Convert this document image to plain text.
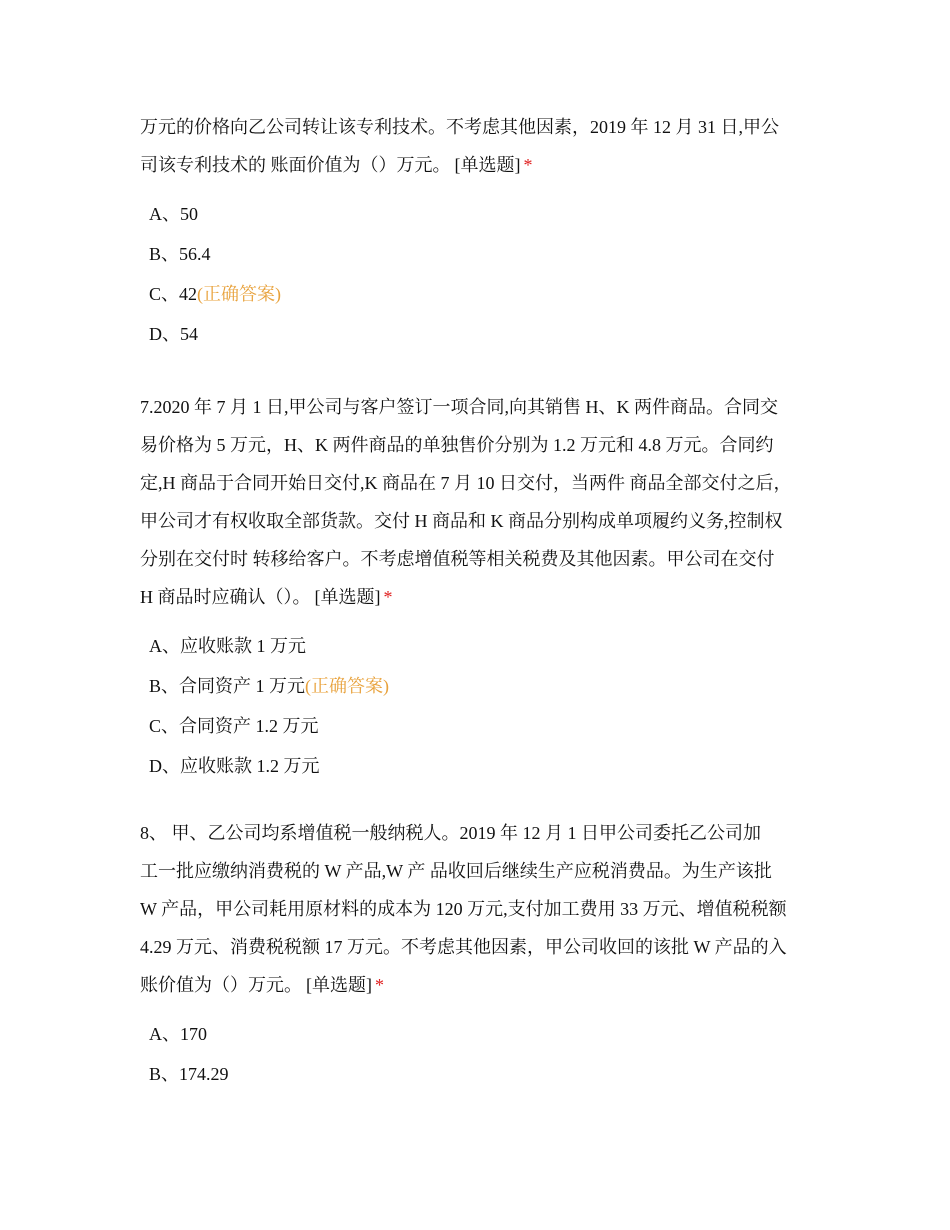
万元的价格向乙公司转让该专利技术。不考虑其他因素，2019 年 12 月 31 日,甲公
司该专利技术的 账面价值为（）万元。 [单选题] *

A、50
B、56.4
C、42(正确答案)
D、54

7.2020 年 7 月 1 日,甲公司与客户签订一项合同,向其销售 H、K 两件商品。合同交
易价格为 5 万元，H、K 两件商品的单独售价分别为 1.2 万元和 4.8 万元。合同约
定,H 商品于合同开始日交付,K 商品在 7 月 10 日交付，当两件 商品全部交付之后，
甲公司才有权收取全部货款。交付 H 商品和 K 商品分别构成单项履约义务,控制权
分别在交付时 转移给客户。不考虑增值税等相关税费及其他因素。甲公司在交付
H 商品时应确认（）。 [单选题] *

A、应收账款 1 万元
B、合同资产 1 万元(正确答案)
C、合同资产 1.2 万元
D、应收账款 1.2 万元

8、 甲、乙公司均系增值税一般纳税人。2019 年 12 月 1 日甲公司委托乙公司加
工一批应缴纳消费税的 W 产品,W 产 品收回后继续生产应税消费品。为生产该批
W 产品，甲公司耗用原材料的成本为 120 万元,支付加工费用 33 万元、增值税税额
4.29 万元、消费税税额 17 万元。不考虑其他因素，甲公司收回的该批 W 产品的入
账价值为（）万元。 [单选题] *

A、170
B、174.29
